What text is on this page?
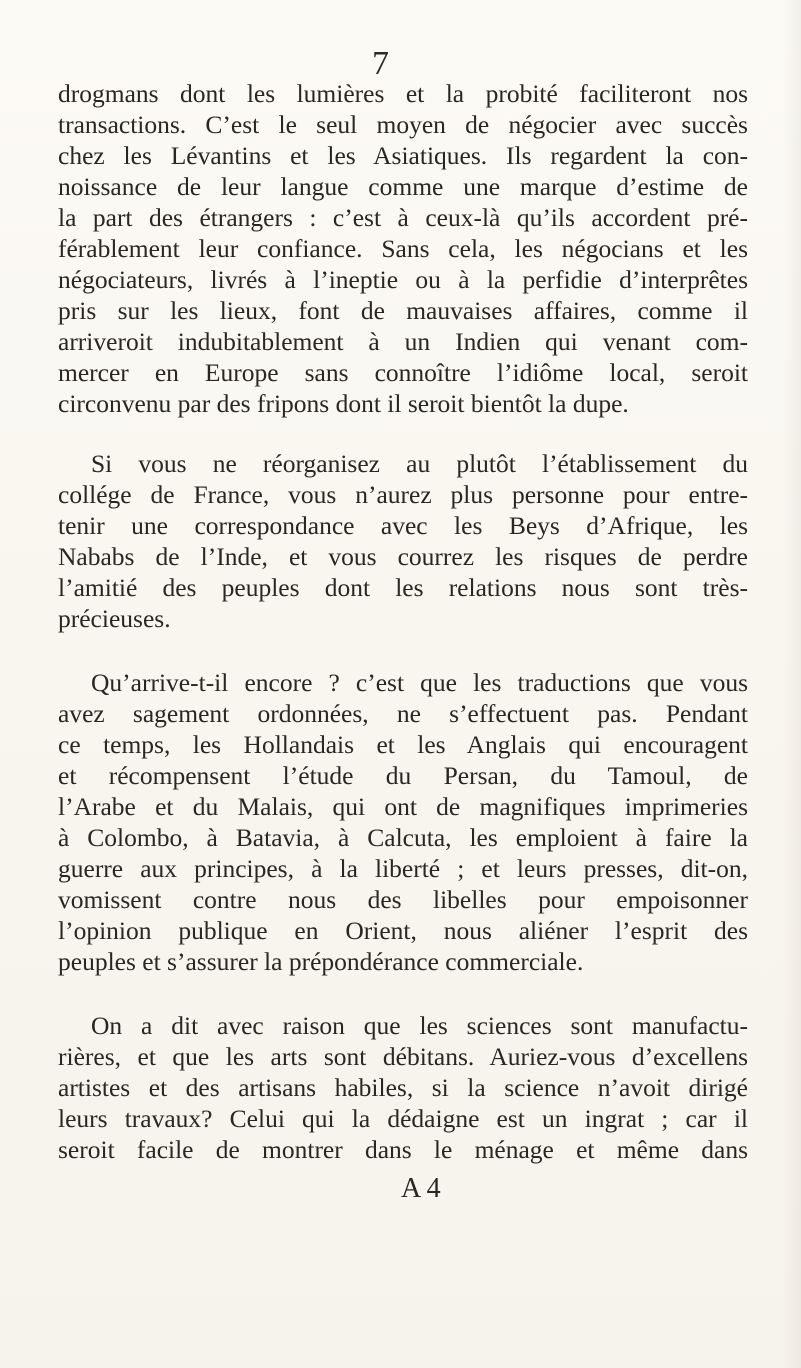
7
drogmans dont les lumières et la probité faciliteront nos
transactions. C’est le seul moyen de négocier avec succès
chez les Lévantins et les Asiatiques. Ils regardent la con-
noissance de leur langue comme une marque d’estime de
la part des étrangers : c’est à ceux-là qu’ils accordent pré-
férablement leur confiance. Sans cela, les négocians et les
négociateurs, livrés à l’ineptie ou à la perfidie d’interprêtes
pris sur les lieux, font de mauvaises affaires, comme il
arriveroit indubitablement à un Indien qui venant com-
mercer en Europe sans connoître l’idiôme local, seroit
circonvenu par des fripons dont il seroit bientôt la dupe.
Si vous ne réorganisez au plutôt l’établissement du
collége de France, vous n’aurez plus personne pour entre-
tenir une correspondance avec les Beys d’Afrique, les
Nababs de l’Inde, et vous courrez les risques de perdre
l’amitié des peuples dont les relations nous sont très-
précieuses.
Qu’arrive-t-il encore ? c’est que les traductions que vous
avez sagement ordonnées, ne s’effectuent pas. Pendant
ce temps, les Hollandais et les Anglais qui encouragent
et récompensent l’étude du Persan, du Tamoul, de
l’Arabe et du Malais, qui ont de magnifiques imprimeries
à Colombo, à Batavia, à Calcuta, les emploient à faire la
guerre aux principes, à la liberté ; et leurs presses, dit-on,
vomissent contre nous des libelles pour empoisonner
l’opinion publique en Orient, nous aliéner l’esprit des
peuples et s’assurer la prépondérance commerciale.
On a dit avec raison que les sciences sont manufactu-
rières, et que les arts sont débitans. Auriez-vous d’excellens
artistes et des artisans habiles, si la science n’avoit dirigé
leurs travaux? Celui qui la dédaigne est un ingrat ; car il
seroit facile de montrer dans le ménage et même dans
A 4
